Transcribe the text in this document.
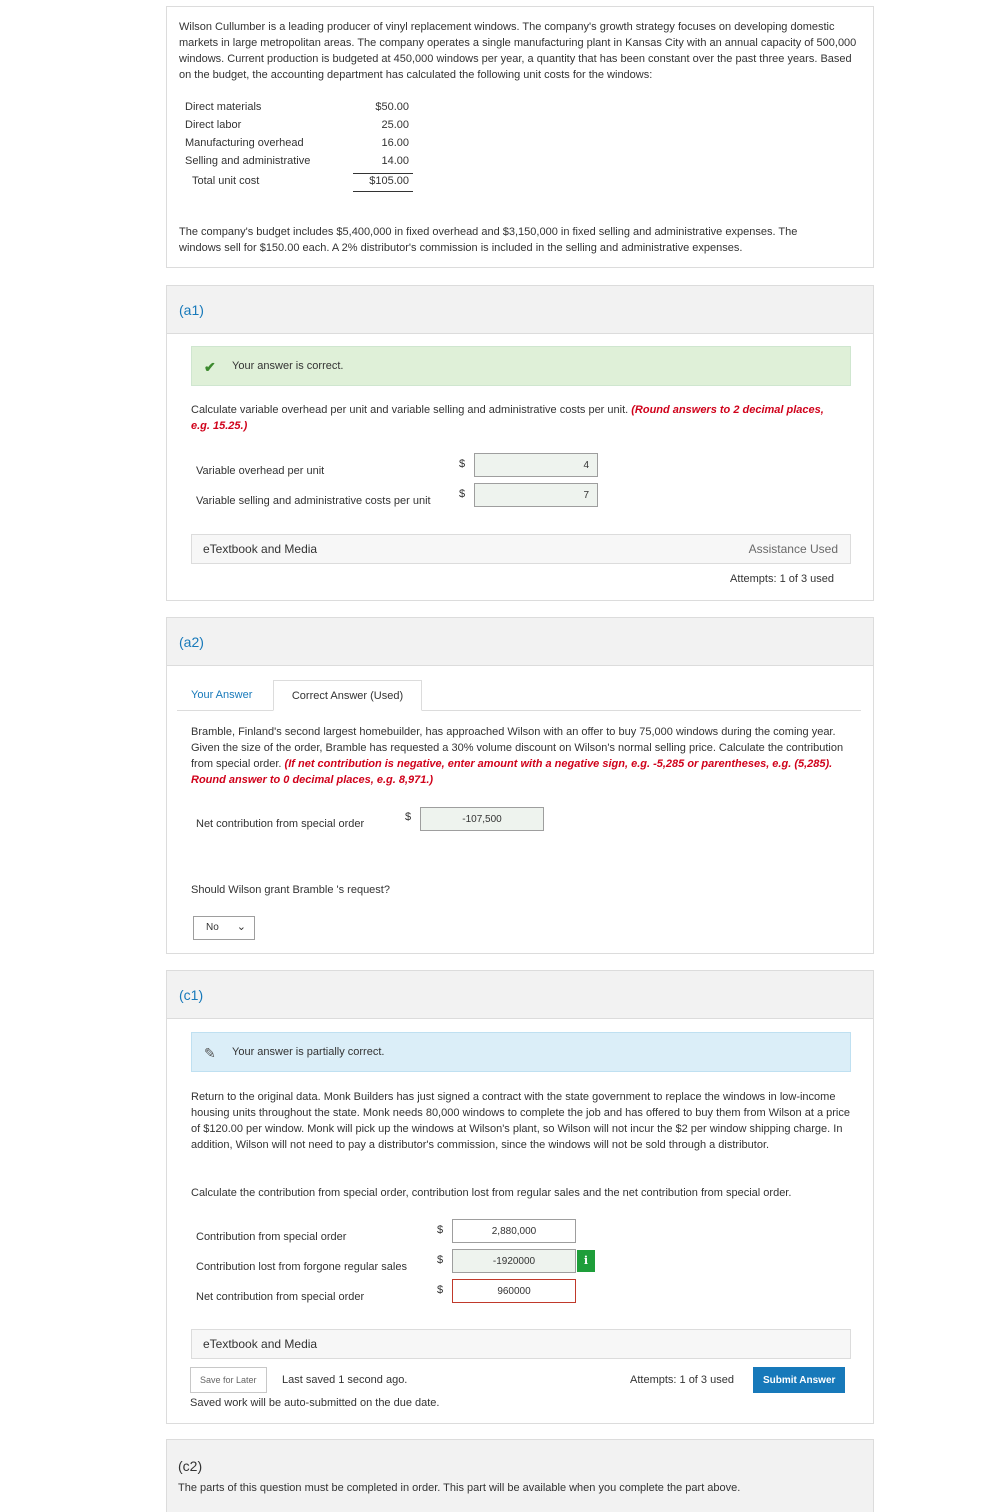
Wilson Cullumber is a leading producer of vinyl replacement windows. The company's growth strategy focuses on developing domestic markets in large metropolitan areas. The company operates a single manufacturing plant in Kansas City with an annual capacity of 500,000 windows. Current production is budgeted at 450,000 windows per year, a quantity that has been constant over the past three years. Based on the budget, the accounting department has calculated the following unit costs for the windows:

Direct materials	$50.00
Direct labor	25.00
Manufacturing overhead	16.00
Selling and administrative	14.00
Total unit cost	$105.00

The company's budget includes $5,400,000 in fixed overhead and $3,150,000 in fixed selling and administrative expenses. The windows sell for $150.00 each. A 2% distributor's commission is included in the selling and administrative expenses.

(a1)
✔ Your answer is correct.
Calculate variable overhead per unit and variable selling and administrative costs per unit. (Round answers to 2 decimal places, e.g. 15.25.)
Variable overhead per unit
$	4
Variable selling and administrative costs per unit
$	7
eTextbook and Media	Assistance Used
Attempts: 1 of 3 used
(a2)
Your Answer	Correct Answer (Used)
Bramble, Finland's second largest homebuilder, has approached Wilson with an offer to buy 75,000 windows during the coming year. Given the size of the order, Bramble has requested a 30% volume discount on Wilson's normal selling price. Calculate the contribution from special order. (If net contribution is negative, enter amount with a negative sign, e.g. -5,285 or parentheses, e.g. (5,285). Round answer to 0 decimal places, e.g. 8,971.)
Net contribution from special order
$	-107,500
Should Wilson grant Bramble 's request?
No ⌄
(c1)
✎ Your answer is partially correct.
Return to the original data. Monk Builders has just signed a contract with the state government to replace the windows in low-income housing units throughout the state. Monk needs 80,000 windows to complete the job and has offered to buy them from Wilson at a price of $120.00 per window. Monk will pick up the windows at Wilson's plant, so Wilson will not incur the $2 per window shipping charge. In addition, Wilson will not need to pay a distributor's commission, since the windows will not be sold through a distributor.
Calculate the contribution from special order, contribution lost from regular sales and the net contribution from special order.
Contribution from special order
$	2,880,000
Contribution lost from forgone regular sales
$	-1920000	i
Net contribution from special order
$	960000
eTextbook and Media
Save for Later	Last saved 1 second ago.
Saved work will be auto-submitted on the due date.
Attempts: 1 of 3 used	Submit Answer
(c2)
The parts of this question must be completed in order. This part will be available when you complete the part above.
